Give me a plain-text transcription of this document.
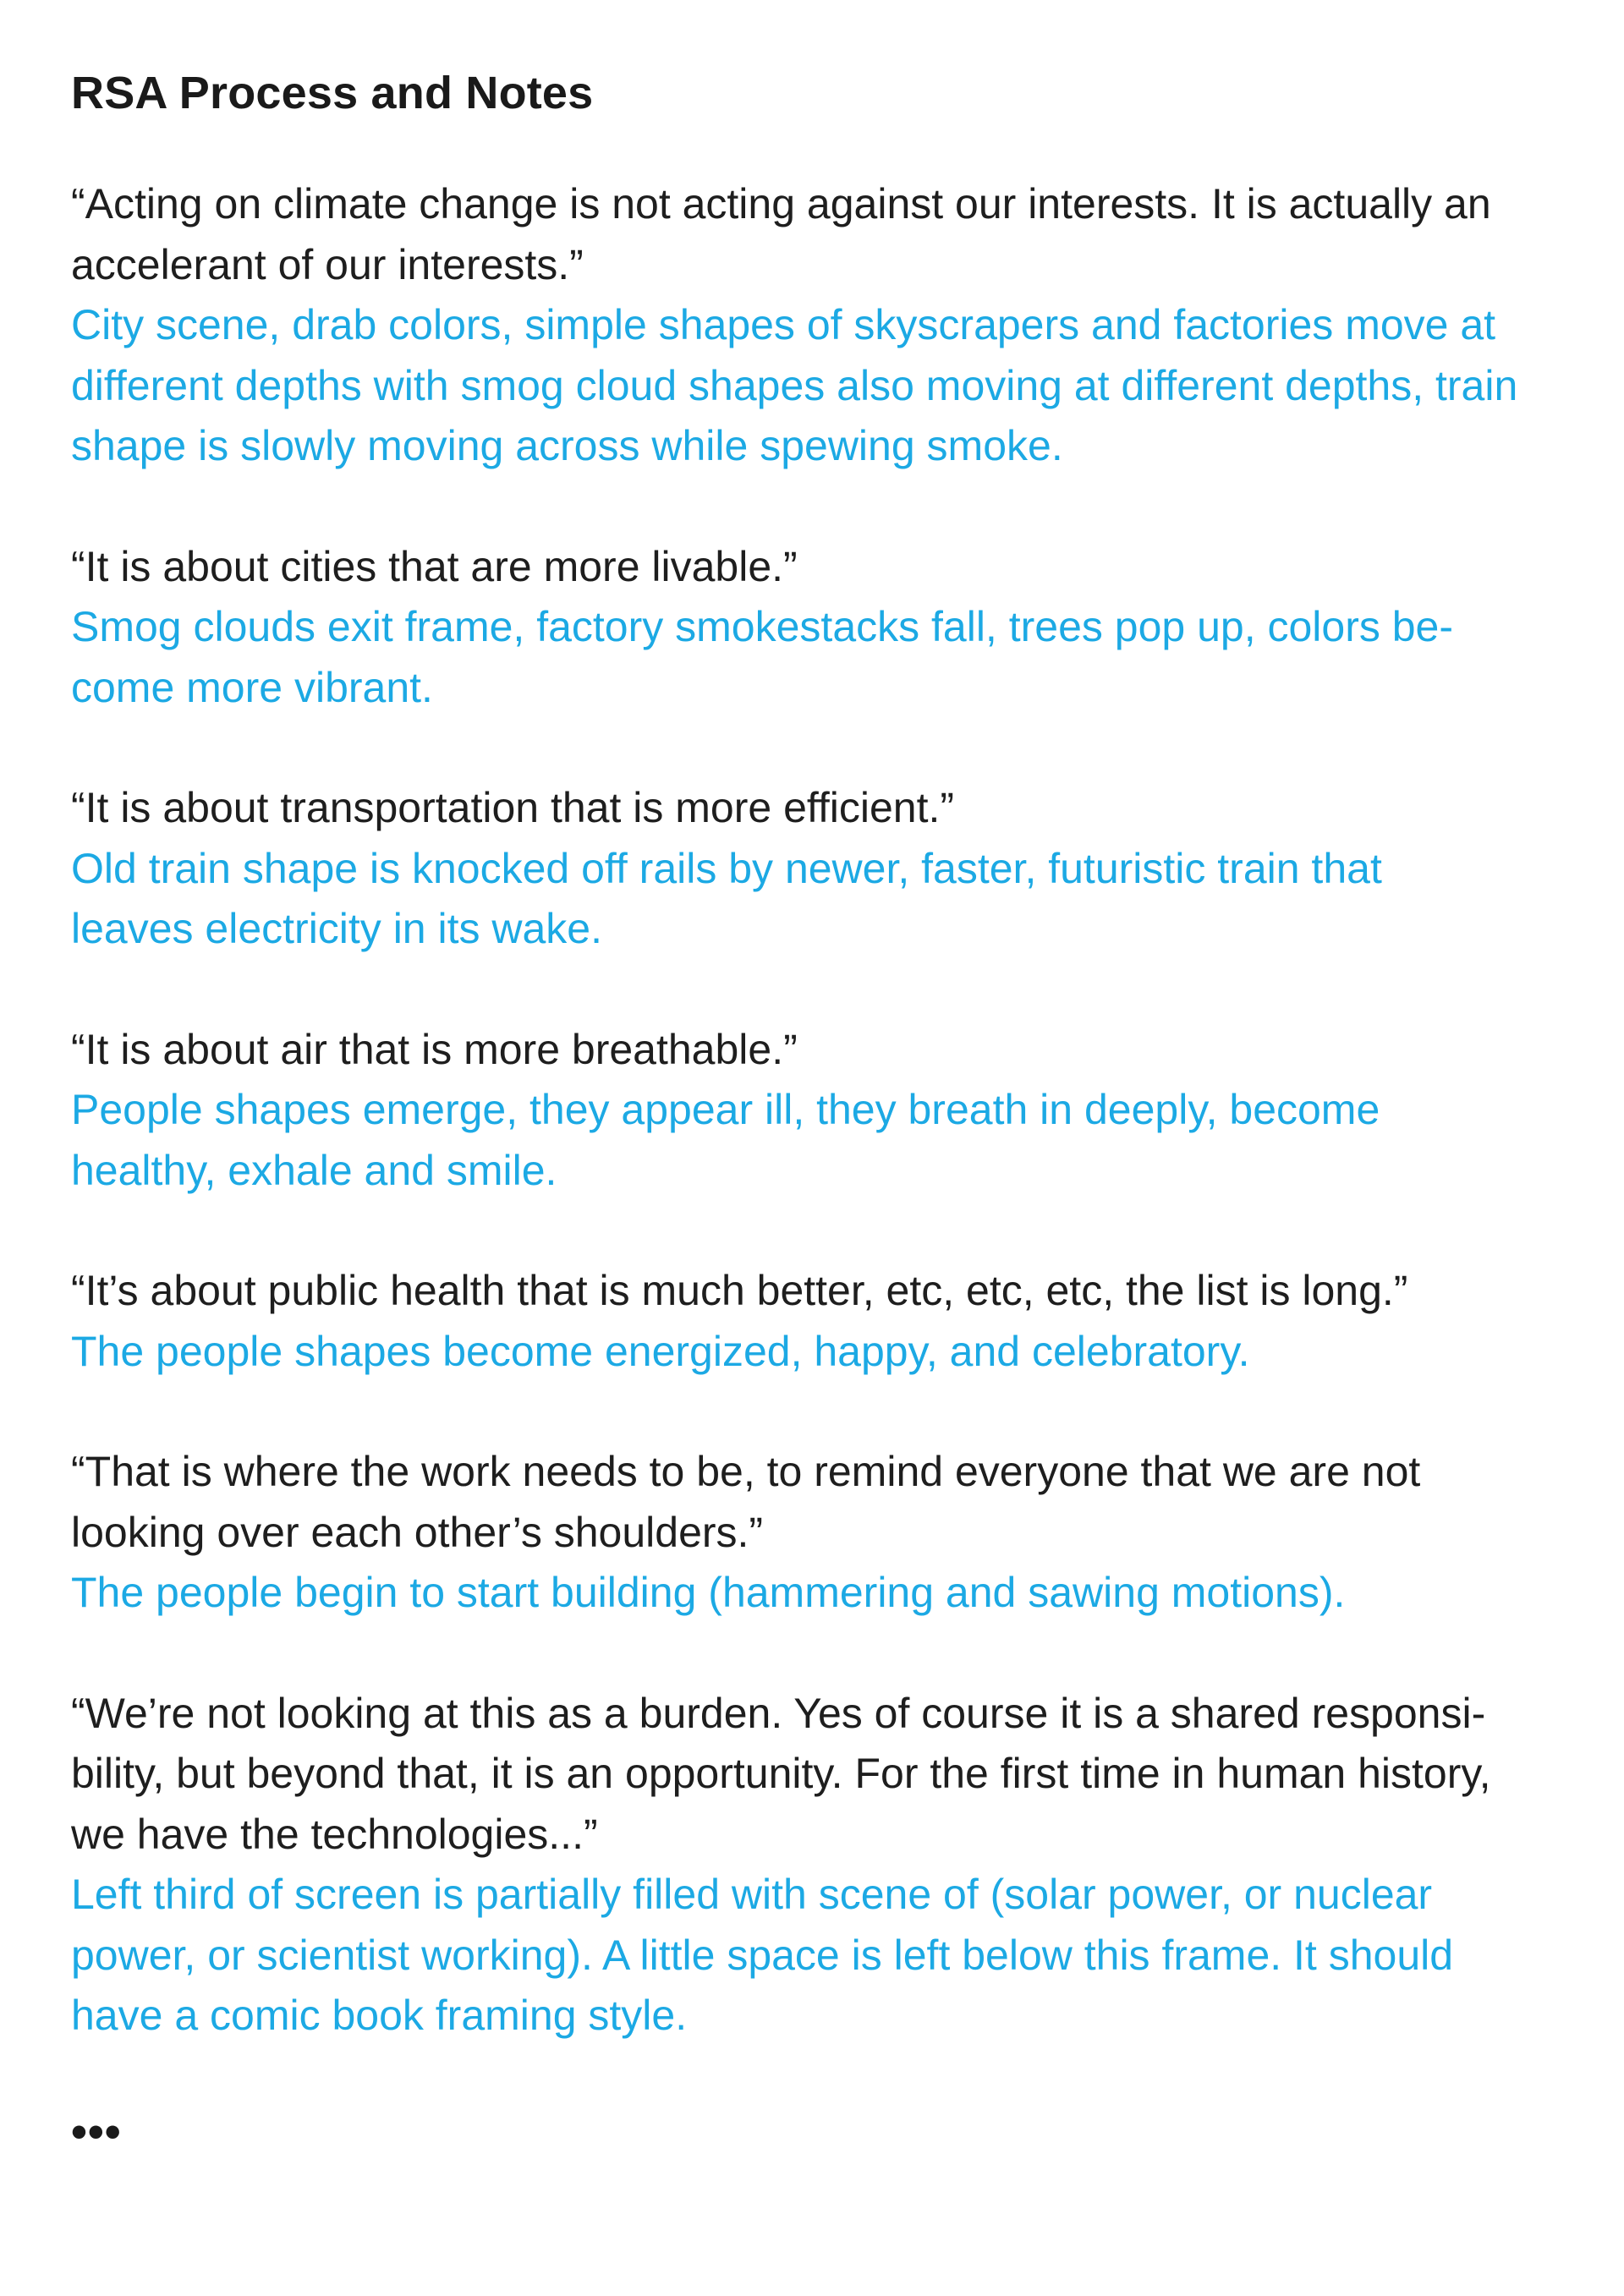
RSA Process and Notes

“Acting on climate change is not acting against our interests. It is actually an
accelerant of our interests.”

City scene, drab colors, simple shapes of skyscrapers and factories move at
different depths with smog cloud shapes also moving at different depths, train
shape is slowly moving across while spewing smoke.

“It is about cities that are more livable.”

Smog clouds exit frame, factory smokestacks fall, trees pop up, colors be-
come more vibrant.

“It is about transportation that is more efficient.”

Old train shape is knocked off rails by newer, faster, futuristic train that
leaves electricity in its wake.

“It is about air that is more breathable.”

People shapes emerge, they appear ill, they breath in deeply, become
healthy, exhale and smile.

“It’s about public health that is much better, etc, etc, etc, the list is long.”

The people shapes become energized, happy, and celebratory.

“That is where the work needs to be, to remind everyone that we are not
looking over each other’s shoulders.”

The people begin to start building (hammering and sawing motions).

“We’re not looking at this as a burden. Yes of course it is a shared responsi-
bility, but beyond that, it is an opportunity. For the first time in human history,
we have the technologies...”

Left third of screen is partially filled with scene of (solar power, or nuclear
power, or scientist working). A little space is left below this frame. It should
have a comic book framing style.

•••
